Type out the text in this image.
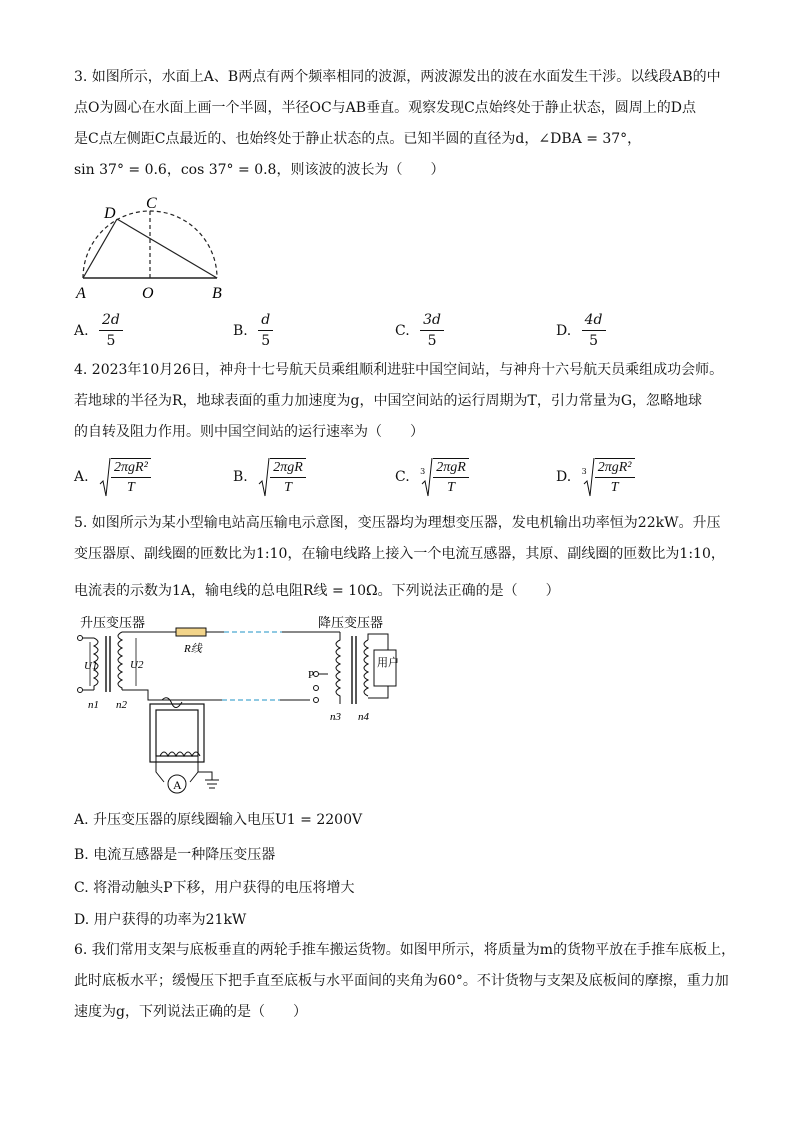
3. 如图所示，水面上A、B两点有两个频率相同的波源，两波源发出的波在水面发生干涉。以线段AB的中
点O为圆心在水面上画一个半圆，半径OC与AB垂直。观察发现C点始终处于静止状态，圆周上的D点
是C点左侧距C点最近的、也始终处于静止状态的点。已知半圆的直径为d，∠DBA = 37°，
sin 37° = 0.6，cos 37° = 0.8，则该波的波长为（　　）
A	O	B
C
D
A. $\frac{2d}{5}$	B. $\frac{d}{5}$	C. $\frac{3d}{5}$	D. $\frac{4d}{5}$
4. 2023年10月26日，神舟十七号航天员乘组顺利进驻中国空间站，与神舟十六号航天员乘组成功会师。
若地球的半径为R，地球表面的重力加速度为g，中国空间站的运行周期为T，引力常量为G，忽略地球
的自转及阻力作用。则中国空间站的运行速率为（　　）
A. $\frac{\text{2πgR²}}{T}$	B. $\frac{\text{2πgR}}{T}$	C. $3 \frac{\text{2πgR}}{T}$	D. $3 \frac{\text{2πgR²}}{T}$
5. 如图所示为某小型输电站高压输电示意图，变压器均为理想变压器，发电机输出功率恒为22kW。升压
变压器原、副线圈的匝数比为1:10，在输电线路上接入一个电流互感器，其原、副线圈的匝数比为1:10，
电流表的示数为1A，输电线的总电阻R线 = 10Ω。下列说法正确的是（　　）
升压变压器	降压变压器
U1	U2
n1 n2
R线
P
用户
n3 n4
A
A. 升压变压器的原线圈输入电压U1 = 2200V
B. 电流互感器是一种降压变压器
C. 将滑动触头P下移，用户获得的电压将增大
D. 用户获得的功率为21kW
6. 我们常用支架与底板垂直的两轮手推车搬运货物。如图甲所示，将质量为m的货物平放在手推车底板上，
此时底板水平；缓慢压下把手直至底板与水平面间的夹角为60°。不计货物与支架及底板间的摩擦，重力加
速度为g，下列说法正确的是（　　）
